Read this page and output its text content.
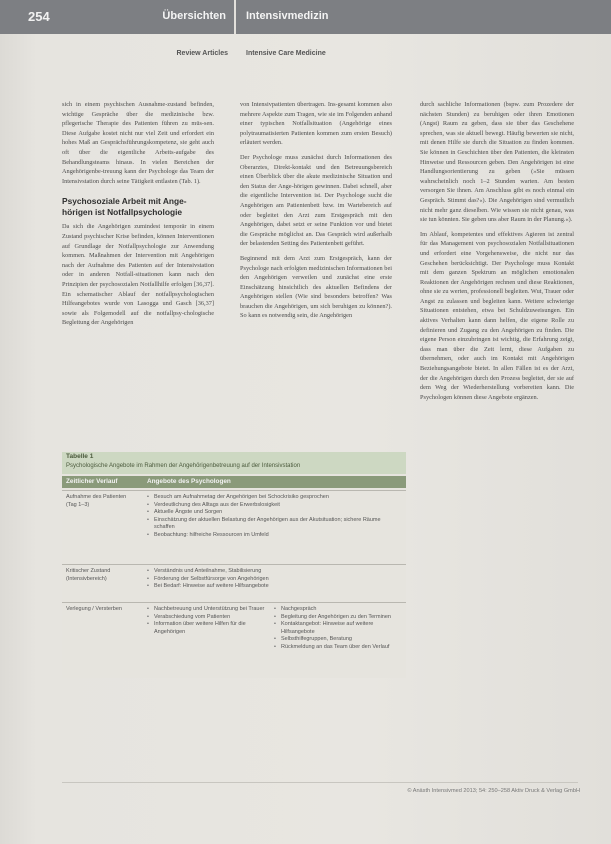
254	Übersichten Intensivmedizin
Review Articles	Intensive Care Medicine

sich in einem psychischen Ausnahme-zustand befinden, wichtige Gespräche über die medizinische bzw. pflegerische Therapie des Patienten führen zu müs-sen. Diese Aufgabe kostet nicht nur viel Zeit und erfordert ein hohes Maß an Gesprächsführungskompetenz, sie geht auch oft über die eigentliche Arbeits-aufgabe des Behandlungsteams hinaus. In vielen Bereichen der Angehörigenbe-treuung kann der Psychologe das Team der Intensivstation durch seine Tätigkeit entlasten (Tab. 1).

Psychosoziale Arbeit mit Ange-hörigen ist Notfallpsychologie

Da sich die Angehörigen zumindest temporär in einem Zustand psychischer Krise befinden, können Interventionen auf Grundlage der Notfallpsychologie zur Anwendung kommen. Maßnahmen der Intervention mit Angehörigen nach der Aufnahme des Patienten auf der Intensivstation oder in anderen Notfall-situationen kann nach den Prinzipien der psychosozialen Notfallhilfe erfolgen [36,37]. Ein schematischer Ablauf der notfallpsychologischen Hilfeangebotes wurde von Lasogga und Gasch [36,37] sowie als Folgemodell auf die notfallpsy-chologische Begleitung der Angehörigen

von Intensivpatienten übertragen. Ins-gesamt kommen also mehrere Aspekte zum Tragen, wie sie im Folgenden anhand einer typischen Notfallsituation (Angehörige eines polytraumatisierten Patienten kommen zum ersten Besuch) erläutert werden.

Der Psychologe muss zunächst durch Informationen des Oberarztes, Direkt-kontakt und den Betreuungsbereich einen Überblick über die akute medizinische Situation und den Status der Ange-hörigen gewinnen. Dabei schnell, aber die eigentliche Intervention ist. Der Psychologe sucht die Angehörigen am Patientenbett bzw. im Wartebereich auf oder begleitet den Arzt zum Erstgespräch mit den Angehörigen, dabei setzt er seine Funktion vor und bietet die Gespräche möglichst an. Das Gespräch wird außerhalb der belastenden Setting des Patientenbett geführt.

Beginnend mit dem Arzt zum Erstgespräch, kann der Psychologe nach erfolgten medizinischen Informationen bei den Angehörigen verweilen und zunächst eine erste Einschätzung hinsichtlich des aktuellen Befindens der Angehörigen stellen (Wie sind besonders betroffen? Was brauchen die Angehörigen, um sich beruhigen zu können?). So kann es notwendig sein, die Angehörigen

durch sachliche Informationen (bspw. zum Prozedere der nächsten Stunden) zu beruhigen oder ihren Emotionen (Angst) Raum zu geben, dass sie über das Geschehene sprechen, was sie aktuell bewegt. Häufig bewerten sie nicht, mit denen Hilfe sie durch die Situation zu finden kommen. Sie können in Geschichten über den Patienten, die kleinsten Hinweise und Ressourcen geben. Den Angehörigen ist eine Handlungsorientierung zu geben (»Sie müssen wahrscheinlich noch 1–2 Stunden warten. Am besten versorgen Sie ihnen. Am Anschluss gibt es noch einmal ein Gespräch. Stimmt das?«). Die Angehörigen sind vermutlich nicht mehr ganz dieselben. Wie wissen sie nicht genau, was sie tun könnten. Sie geben uns aber Raum in der Planung.«).

Im Ablauf, kompetentes und effektives Agieren ist zentral für das Management von psychosozialen Notfallsituationen und erfordert eine Vorgehensweise, die nicht nur das Geschehen berücksichtigt. Der Psychologe muss Kontakt mit dem ganzen Spektrum an möglichen emotionalen Reaktionen der Angehörigen rechnen und diese Reaktionen, ohne sie zu werten, professionell begleiten. Wut, Trauer oder Angst zu zulassen und begleiten kann. Weitere schwierige Situationen entstehen, etwa bei Schuldzuweisungen. Ein aktives Verhalten kann dann helfen, die eigene Rolle zu definieren und Zugang zu den Angehörigen zu finden. Die eigene Person einzubringen ist wichtig, die Erfahrung zeigt, dass man über die Zeit lernt, diese Aufgaben zu übernehmen, oder auch im Kontakt mit Angehörigen Beziehungsangebote bietet. In allen Fällen ist es der Arzt, der die Angehörigen durch den Prozess begleitet, der sie auf dem Weg der Wiederherstellung vorbereiten kann. Die Psychologen können diese Angebote ergänzen.

Tabelle 1
Psychologische Angebote im Rahmen der Angehörigenbetreuung auf der Intensivstation
Zeitlicher Verlauf	Angebote des Psychologen
Aufnahme des Patienten (Tag 1–3)
• Besuch am Aufnahmetag der Angehörigen bei Schockrisiko gesprochen
• Verdeutlichung des Alltags aus der Erwerbslosigkeit
• Aktuelle Ängste und Sorgen
• Einschätzung der aktuellen Belastung der Angehörigen aus der Akutsituation; sichere Räume schaffen
• Beobachtung: hilfreiche Ressourcen im Umfeld
Kritischer Zustand (Intensivbereich)
• Verständnis und Anteilnahme, Stabilisierung
• Förderung der Selbstfürsorge von Angehörigen
• Bei Bedarf: Hinweise auf weitere Hilfsangebote
Verlegung / Versterben
•	Nachbetreuung und Unterstützung bei Trauer
• Verabschiedung vom Patienten
• Information über weitere Hilfen für die Angehörigen
• Nachgespräch
• Begleitung der Angehörigen zu den Terminen
• Kontaktangebot: Hinweise auf weitere Hilfsangebote
• Selbsthilfegruppen, Beratung
• Rückmeldung an das Team über den Verlauf
© Anästh Intensivmed 2013; 54: 250–258 Aktiv Druck & Verlag GmbH
